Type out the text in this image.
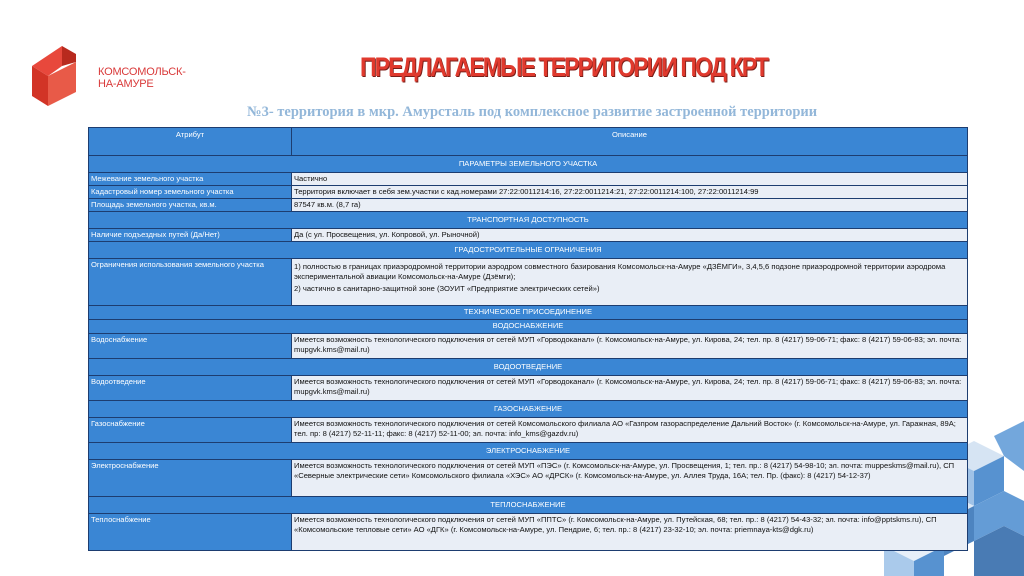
КОМСОМОЛЬСК-
НА-АМУРЕ
ПРЕДЛАГАЕМЫЕ ТЕРРИТОРИИ ПОД КРТ
№3- территория в мкр. Амурсталь под комплексное развитие застроенной территории
Атрибут	Описание
ПАРАМЕТРЫ ЗЕМЕЛЬНОГО УЧАСТКА	
Межевание земельного участка	Частично
Кадастровый номер земельного участка	Территория включает в себя зем.участки с кад.номерами 27:22:0011214:16, 27:22:0011214:21, 27:22:0011214:100, 27:22:0011214:99
Площадь земельного участка, кв.м.	87547 кв.м. (8,7 га)
ТРАНСПОРТНАЯ ДОСТУПНОСТЬ	
Наличие подъездных путей (Да/Нет)	Да (с ул. Просвещения, ул. Копровой, ул. Рыночной)
ГРАДОСТРОИТЕЛЬНЫЕ ОГРАНИЧЕНИЯ	
Ограничения использования земельного участка	1) полностью в границах приаэродромной территории аэродром совместного базирования Комсомольск-на-Амуре «ДЗЁМГИ», 3,4,5,6 подзоне приаэродромной территории аэродрома экспериментальной авиации Комсомольск-на-Амуре (Дзёмги);
2) частично в санитарно-защитной зоне (ЗОУИТ «Предприятие электрических сетей»)

ТЕХНИЧЕСКОЕ ПРИСОЕДИНЕНИЕ	
ВОДОСНАБЖЕНИЕ	
Водоснабжение	Имеется возможность технологического подключения от сетей МУП «Горводоканал» (г. Комсомольск-на-Амуре, ул. Кирова, 24; тел. пр. 8 (4217) 59-06-71; факс: 8 (4217) 59-06-83; эл. почта: mupgvk.kms@mail.ru)
ВОДООТВЕДЕНИЕ	
Водоотведение	Имеется возможность технологического подключения от сетей МУП «Горводоканал» (г. Комсомольск-на-Амуре, ул. Кирова, 24; тел. пр. 8 (4217) 59-06-71; факс: 8 (4217) 59-06-83; эл. почта: mupgvk.kms@mail.ru)
ГАЗОСНАБЖЕНИЕ	
Газоснабжение	Имеется возможность технологического подключения от сетей Комсомольского филиала АО «Газпром газораспределение Дальний Восток» (г. Комсомольск-на-Амуре, ул. Гаражная, 89А; тел. пр: 8 (4217) 52-11-11; факс: 8 (4217) 52-11-00; эл. почта: info_kms@gazdv.ru)
ЭЛЕКТРОСНАБЖЕНИЕ	
Электроснабжение	Имеется возможность технологического подключения от сетей МУП «ПЭС» (г. Комсомольск-на-Амуре, ул. Просвещения, 1; тел. пр.: 8 (4217) 54-98-10; эл. почта: muppeskms@mail.ru), СП «Северные электрические сети» Комсомольского филиала «ХЭС» АО «ДРСК» (г. Комсомольск-на-Амуре, ул. Аллея Труда, 16А; тел. Пр. (факс): 8 (4217) 54-12-37)
ТЕПЛОСНАБЖЕНИЕ	
Теплоснабжение	Имеется возможность технологического подключения от сетей МУП «ППТС» (г. Комсомольск-на-Амуре, ул. Путейская, 68; тел. пр.: 8 (4217) 54-43-32; эл. почта: info@pptskms.ru), СП «Комсомольские тепловые сети» АО «ДГК» (г. Комсомольск-на-Амуре, ул. Пендрие, 6; тел. пр.: 8 (4217) 23-32-10; эл. почта: priemnaya-kts@dgk.ru)
